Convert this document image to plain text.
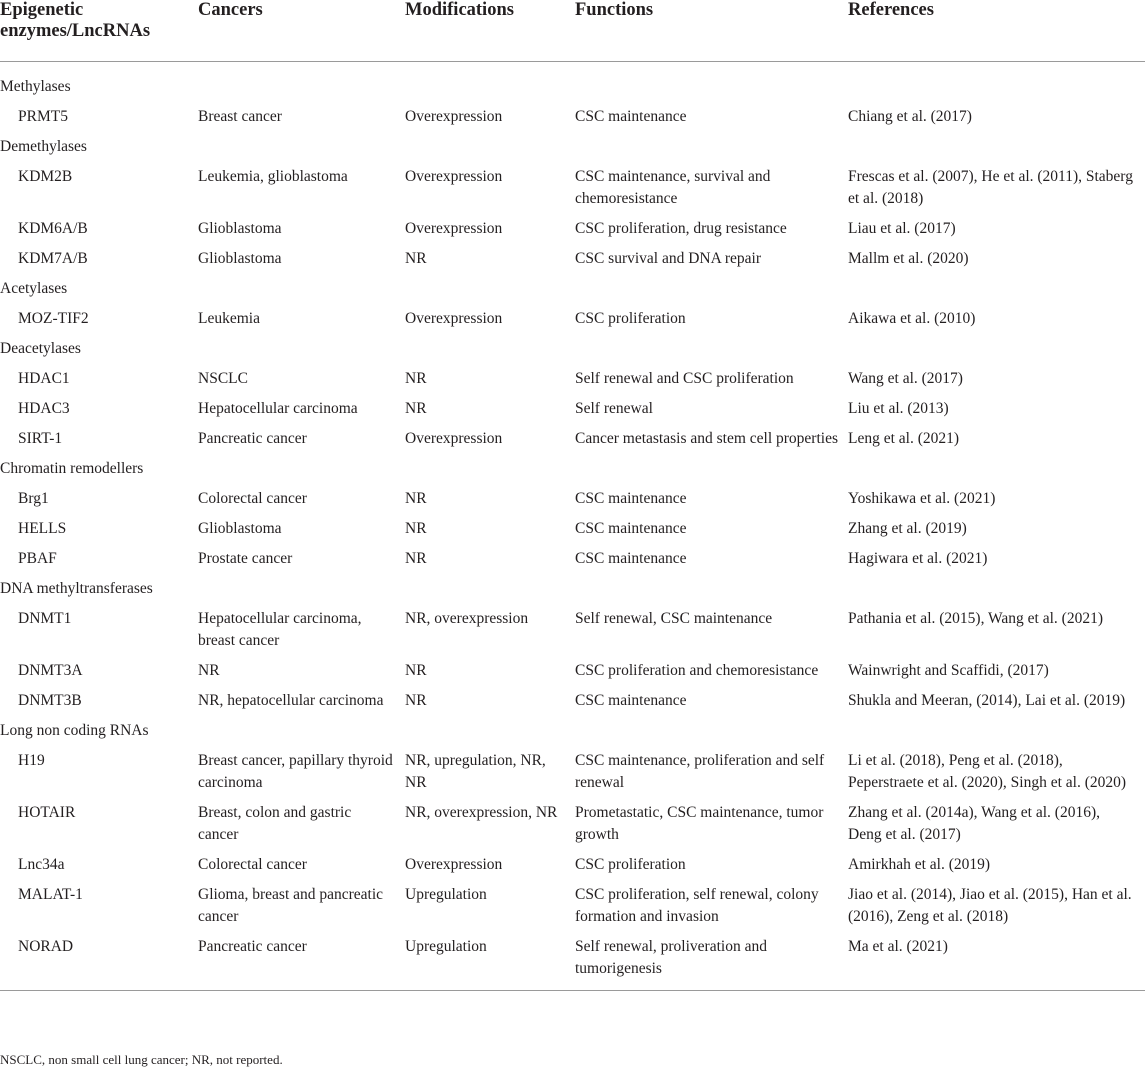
Epigenetic enzymes/LncRNAs	Cancers	Modifications	Functions	References

Methylases				
PRMT5	Breast cancer	Overexpression	CSC maintenance	Chiang et al. (2017)
Demethylases				
KDM2B	Leukemia, glioblastoma	Overexpression	CSC maintenance, survival and chemoresistance	Frescas et al. (2007), He et al. (2011), Staberg et al. (2018)
KDM6A/B	Glioblastoma	Overexpression	CSC proliferation, drug resistance	Liau et al. (2017)
KDM7A/B	Glioblastoma	NR	CSC survival and DNA repair	Mallm et al. (2020)
Acetylases				
MOZ-TIF2	Leukemia	Overexpression	CSC proliferation	Aikawa et al. (2010)
Deacetylases				
HDAC1	NSCLC	NR	Self renewal and CSC proliferation	Wang et al. (2017)
HDAC3	Hepatocellular carcinoma	NR	Self renewal	Liu et al. (2013)
SIRT-1	Pancreatic cancer	Overexpression	Cancer metastasis and stem cell properties	Leng et al. (2021)
Chromatin remodellers				
Brg1	Colorectal cancer	NR	CSC maintenance	Yoshikawa et al. (2021)
HELLS	Glioblastoma	NR	CSC maintenance	Zhang et al. (2019)
PBAF	Prostate cancer	NR	CSC maintenance	Hagiwara et al. (2021)
DNA methyltransferases				
DNMT1	Hepatocellular carcinoma, breast cancer	NR, overexpression	Self renewal, CSC maintenance	Pathania et al. (2015), Wang et al. (2021)
DNMT3A	NR	NR	CSC proliferation and chemoresistance	Wainwright and Scaffidi, (2017)
DNMT3B	NR, hepatocellular carcinoma	NR	CSC maintenance	Shukla and Meeran, (2014), Lai et al. (2019)
Long non coding RNAs				
H19	Breast cancer, papillary thyroid carcinoma	NR, upregulation, NR, NR	CSC maintenance, proliferation and self renewal	Li et al. (2018), Peng et al. (2018), Peperstraete et al. (2020), Singh et al. (2020)
HOTAIR	Breast, colon and gastric cancer	NR, overexpression, NR	Prometastatic, CSC maintenance, tumor growth	Zhang et al. (2014a), Wang et al. (2016), Deng et al. (2017)
Lnc34a	Colorectal cancer	Overexpression	CSC proliferation	Amirkhah et al. (2019)
MALAT-1	Glioma, breast and pancreatic cancer	Upregulation	CSC proliferation, self renewal, colony formation and invasion	Jiao et al. (2014), Jiao et al. (2015), Han et al. (2016), Zeng et al. (2018)
NORAD	Pancreatic cancer	Upregulation	Self renewal, proliveration and tumorigenesis	Ma et al. (2021)
NSCLC, non small cell lung cancer; NR, not reported.
